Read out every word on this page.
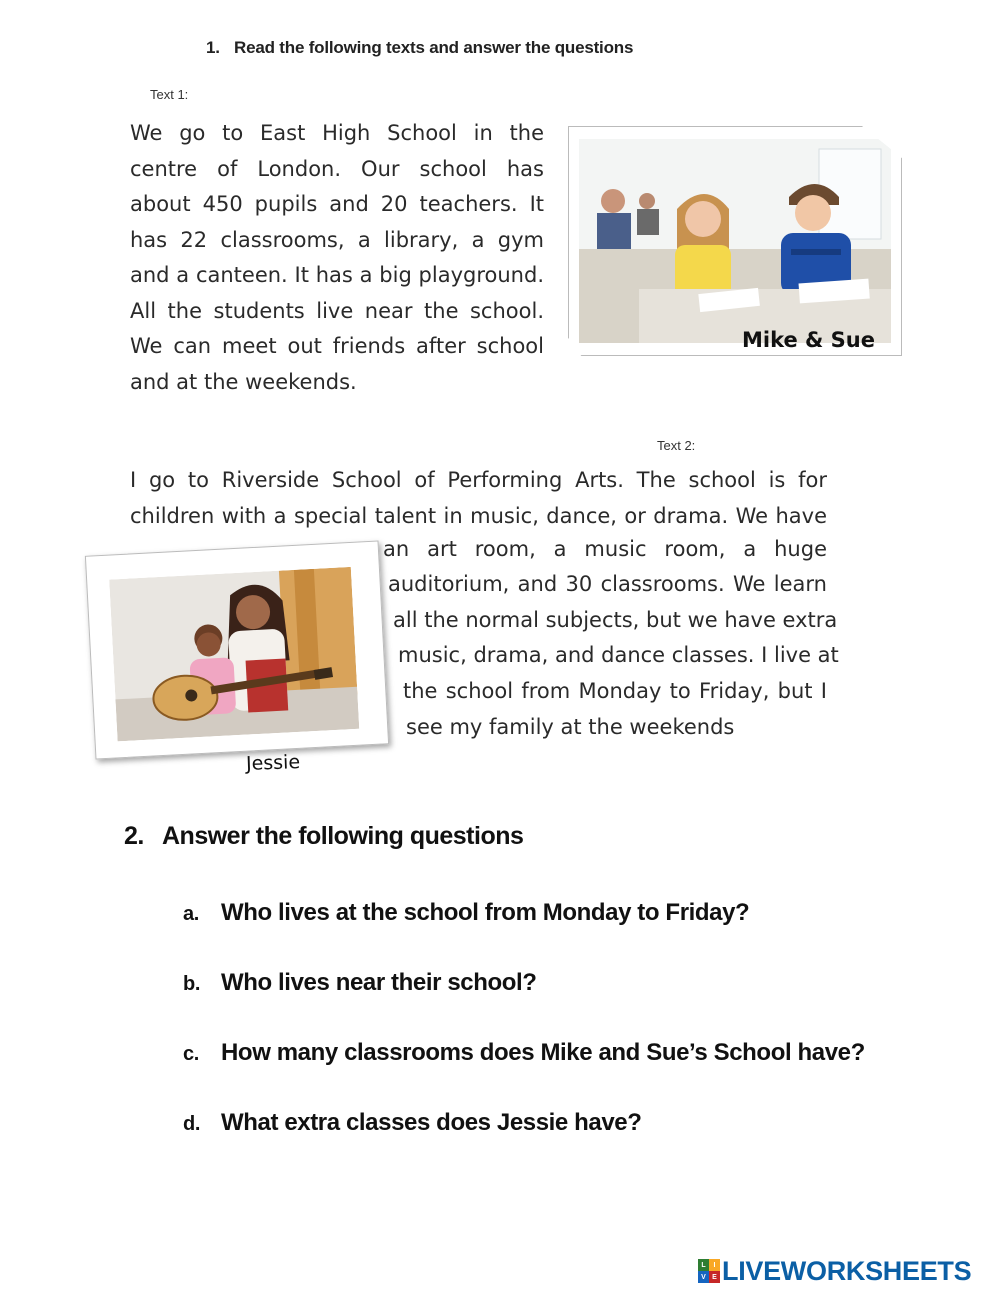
1. Read the following texts and answer the questions
Text 1:
We go to East High School in the centre of London. Our school has about 450 pupils and 20 teachers. It has 22 classrooms, a library, a gym and a canteen. It has a big playground. All the students live near the school. We can meet out friends after school and at the weekends.
Mike & Sue
Text 2:
I go to Riverside School of Performing Arts. The school is for children with a special talent in music, dance, or drama. We have
an art room, a music room, a huge
auditorium, and 30 classrooms. We learn
all the normal subjects, but we have extra
music, drama, and dance classes. I live at
the school from Monday to Friday, but I
see my family at the weekends
Jessie
2. Answer the following questions
a. Who lives at the school from Monday to Friday?
b. Who lives near their school?
c. How many classrooms does Mike and Sue’s School have?
d. What extra classes does Jessie have?
L	I
V E LIVEWORKSHEETS
